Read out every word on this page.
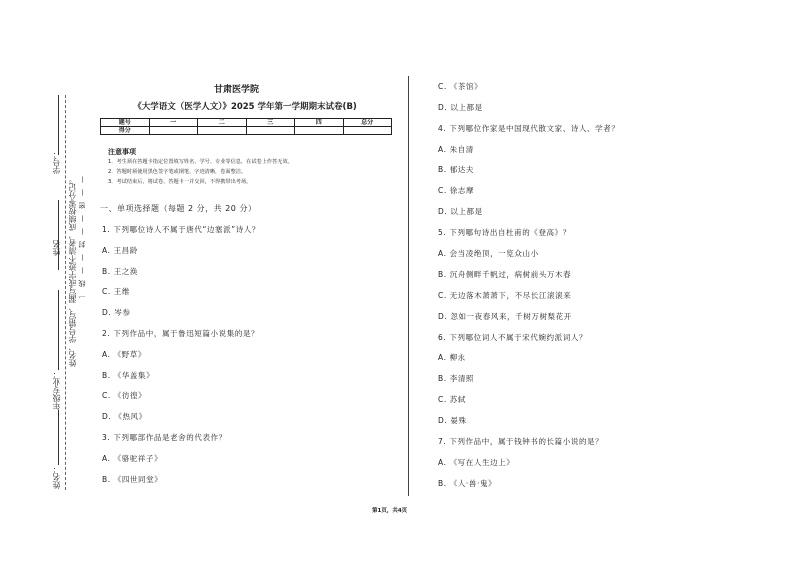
学号：
姓名 姓名、学号错写、漏写或字迹不清者，成绩按零分记。
年级专业：
一线——封——密——
姓名：
甘肃医学院
《大学语文（医学人文）》2025 学年第一学期期末试卷(B)
题号	一	二	三	四	总分
得分					
注意事项
1．考生须在答题卡指定位置填写姓名、学号、专业等信息，在试卷上作答无效。
2．答题时须使用黑色签字笔或钢笔，字迹清晰，卷面整洁。
3．考试结束后，将试卷、答题卡一并交回，不得携带出考场。
一、单项选择题（每题 2 分，共 20 分）
1. 下列哪位诗人不属于唐代“边塞派”诗人？
A. 王昌龄
B. 王之涣
C. 王维
D. 岑参
2. 下列作品中，属于鲁迅短篇小说集的是？
A. 《野草》
B. 《华盖集》
C. 《彷徨》
D. 《热风》
3. 下列哪部作品是老舍的代表作？
A. 《骆驼祥子》
B. 《四世同堂》
C. 《茶馆》
D. 以上都是
4. 下列哪位作家是中国现代散文家、诗人、学者？
A. 朱自清
B. 郁达夫
C. 徐志摩
D. 以上都是
5. 下列哪句诗出自杜甫的《登高》？
A. 会当凌绝顶，一览众山小
B. 沉舟侧畔千帆过，病树前头万木春
C. 无边落木萧萧下，不尽长江滚滚来
D. 忽如一夜春风来，千树万树梨花开
6. 下列哪位词人不属于宋代婉约派词人？
A. 柳永
B. 李清照
C. 苏轼
D. 晏殊
7. 下列作品中，属于钱钟书的长篇小说的是？
A. 《写在人生边上》
B. 《人·兽·鬼》
第1页，共4页
